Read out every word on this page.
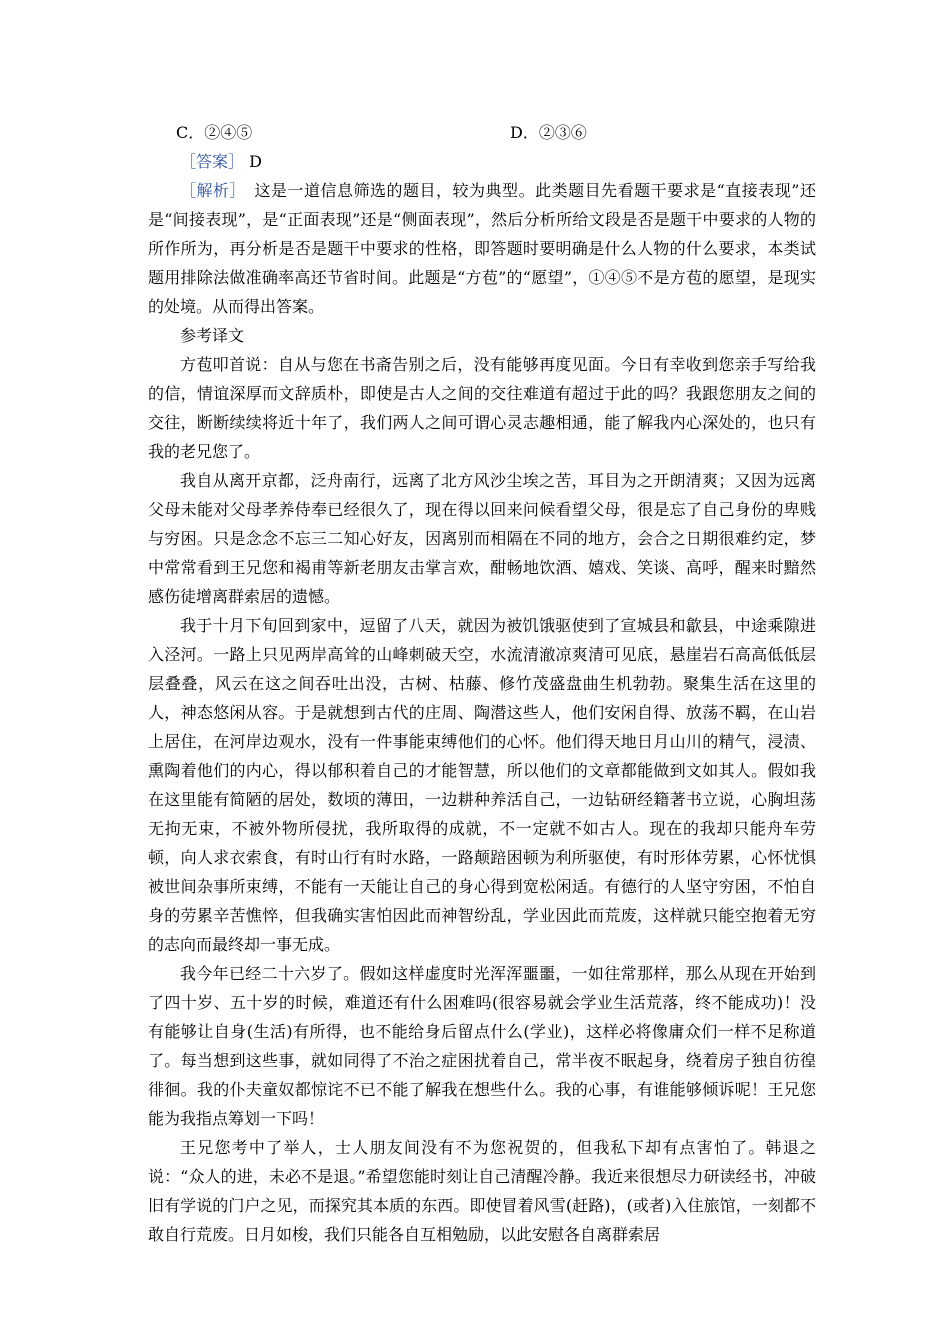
C．②④⑤	D．②③⑥

［答案］ D

［解析］　这是一道信息筛选的题目，较为典型。此类题目先看题干要求是“直接表现”还是“间接表现”，是“正面表现”还是“侧面表现”，然后分析所给文段是否是题干中要求的人物的所作所为，再分析是否是题干中要求的性格，即答题时要明确是什么人物的什么要求，本类试题用排除法做准确率高还节省时间。此题是“方苞”的“愿望”，①④⑤不是方苞的愿望，是现实的处境。从而得出答案。

参考译文

方苞叩首说：自从与您在书斋告别之后，没有能够再度见面。今日有幸收到您亲手写给我的信，情谊深厚而文辞质朴，即使是古人之间的交往难道有超过于此的吗？我跟您朋友之间的交往，断断续续将近十年了，我们两人之间可谓心灵志趣相通，能了解我内心深处的，也只有我的老兄您了。

我自从离开京都，泛舟南行，远离了北方风沙尘埃之苦，耳目为之开朗清爽；又因为远离父母未能对父母孝养侍奉已经很久了，现在得以回来问候看望父母，很是忘了自己身份的卑贱与穷困。只是念念不忘三二知心好友，因离别而相隔在不同的地方，会合之日期很难约定，梦中常常看到王兄您和褐甫等新老朋友击掌言欢，酣畅地饮酒、嬉戏、笑谈、高呼，醒来时黯然感伤徒增离群索居的遗憾。

我于十月下旬回到家中，逗留了八天，就因为被饥饿驱使到了宣城县和歙县，中途乘隙进入泾河。一路上只见两岸高耸的山峰刺破天空，水流清澈凉爽清可见底，悬崖岩石高高低低层层叠叠，风云在这之间吞吐出没，古树、枯藤、修竹茂盛盘曲生机勃勃。聚集生活在这里的人，神态悠闲从容。于是就想到古代的庄周、陶潜这些人，他们安闲自得、放荡不羁，在山岩上居住，在河岸边观水，没有一件事能束缚他们的心怀。他们得天地日月山川的精气，浸渍、熏陶着他们的内心，得以郁积着自己的才能智慧，所以他们的文章都能做到文如其人。假如我在这里能有简陋的居处，数顷的薄田，一边耕种养活自己，一边钻研经籍著书立说，心胸坦荡无拘无束，不被外物所侵扰，我所取得的成就，不一定就不如古人。现在的我却只能舟车劳顿，向人求衣索食，有时山行有时水路，一路颠踣困顿为利所驱使，有时形体劳累，心怀忧惧被世间杂事所束缚，不能有一天能让自己的身心得到宽松闲适。有德行的人坚守穷困，不怕自身的劳累辛苦憔悴，但我确实害怕因此而神智纷乱，学业因此而荒废，这样就只能空抱着无穷的志向而最终却一事无成。

我今年已经二十六岁了。假如这样虚度时光浑浑噩噩，一如往常那样，那么从现在开始到了四十岁、五十岁的时候，难道还有什么困难吗(很容易就会学业生活荒落，终不能成功)！没有能够让自身(生活)有所得，也不能给身后留点什么(学业)，这样必将像庸众们一样不足称道了。每当想到这些事，就如同得了不治之症困扰着自己，常半夜不眠起身，绕着房子独自彷徨徘徊。我的仆夫童奴都惊诧不已不能了解我在想些什么。我的心事，有谁能够倾诉呢！王兄您能为我指点筹划一下吗！

王兄您考中了举人，士人朋友间没有不为您祝贺的，但我私下却有点害怕了。韩退之说：“众人的进，未必不是退。”希望您能时刻让自己清醒冷静。我近来很想尽力研读经书，冲破旧有学说的门户之见，而探究其本质的东西。即使冒着风雪(赶路)，(或者)入住旅馆，一刻都不敢自行荒废。日月如梭，我们只能各自互相勉励，以此安慰各自离群索居
